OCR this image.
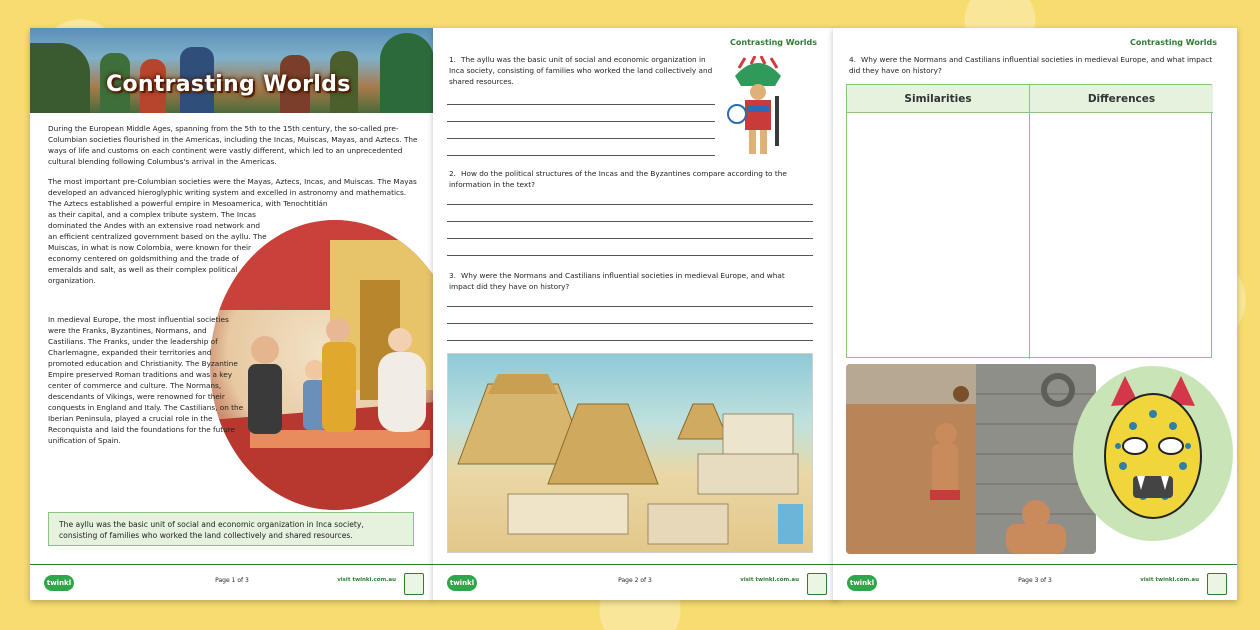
Contrasting Worlds
During the European Middle Ages, spanning from the 5th to the 15th century, the so-called pre-Columbian societies flourished in the Americas, including the Incas, Muiscas, Mayas, and Aztecs. The ways of life and customs on each continent were vastly different, which led to an unprecedented cultural blending following Columbus's arrival in the Americas.
The most important pre-Columbian societies were the Mayas, Aztecs, Incas, and Muiscas. The Mayas developed an advanced hieroglyphic writing system and excelled in astronomy and mathematics. The Aztecs established a powerful empire in Mesoamerica, with Tenochtitlán
as their capital, and a complex tribute system. The Incas dominated the Andes with an extensive road network and an efficient centralized government based on the ayllu. The Muiscas, in what is now Colombia, were known for their economy centered on goldsmithing and the trade of emeralds and salt, as well as their complex political organization.
In medieval Europe, the most influential societies were the Franks, Byzantines, Normans, and Castilians. The Franks, under the leadership of Charlemagne, expanded their territories and promoted education and Christianity. The Byzantine Empire preserved Roman traditions and was a key center of commerce and culture. The Normans, descendants of Vikings, were renowned for their conquests in England and Italy. The Castilians, on the Iberian Peninsula, played a crucial role in the Reconquista and laid the foundations for the future unification of Spain.
The ayllu was the basic unit of social and economic organization in Inca society, consisting of families who worked the land collectively and shared resources.
twinkl	Page 1 of 3	visit twinkl.com.au
Contrasting Worlds
1. The ayllu was the basic unit of social and economic organization in Inca society, consisting of families who worked the land collectively and shared resources.
2. How do the political structures of the Incas and the Byzantines compare according to the information in the text?
3. Why were the Normans and Castilians influential societies in medieval Europe, and what impact did they have on history?
twinkl	Page 2 of 3	visit twinkl.com.au
Contrasting Worlds
4. Why were the Normans and Castilians influential societies in medieval Europe, and what impact did they have on history?
Similarities	Differences
twinkl	Page 3 of 3	visit twinkl.com.au
